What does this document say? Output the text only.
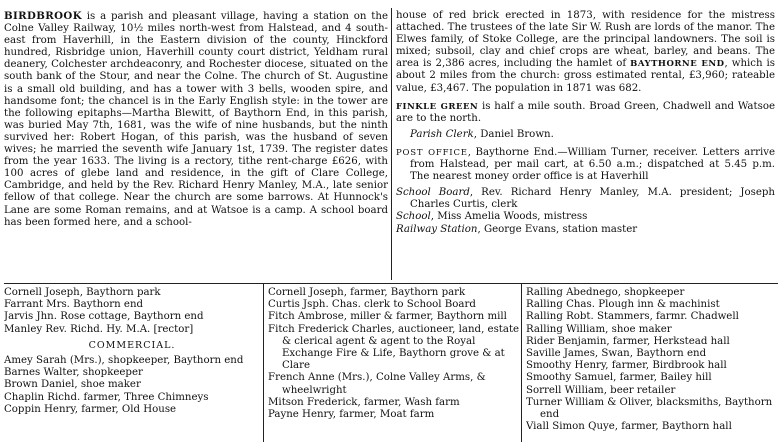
BIRDBROOK is a parish and pleasant village, having a station on the Colne Valley Railway, 10½ miles north-west from Halstead, and 4 south-east from Haverhill, in the Eastern division of the county, Hinckford hundred, Risbridge union, Haverhill county court district, Yeldham rural deanery, Colchester archdeaconry, and Rochester diocese, situated on the south bank of the Stour, and near the Colne. The church of St. Augustine is a small old building, and has a tower with 3 bells, wooden spire, and handsome font; the chancel is in the Early English style: in the tower are the following epitaphs—Martha Blewitt, of Baythorn End, in this parish, was buried May 7th, 1681, was the wife of nine husbands, but the ninth survived her: Robert Hogan, of this parish, was the husband of seven wives; he married the seventh wife January 1st, 1739. The register dates from the year 1633. The living is a rectory, tithe rent-charge £626, with 100 acres of glebe land and residence, in the gift of Clare College, Cambridge, and held by the Rev. Richard Henry Manley, M.A., late senior fellow of that college. Near the church are some barrows. At Hunnock's Lane are some Roman remains, and at Watsoe is a camp. A school board has been formed here, and a school-

house of red brick erected in 1873, with residence for the mistress attached. The trustees of the late Sir W. Rush are lords of the manor. The Elwes family, of Stoke College, are the principal landowners. The soil is mixed; subsoil, clay and chief crops are wheat, barley, and beans. The area is 2,386 acres, including the hamlet of BAYTHORNE END, which is about 2 miles from the church: gross estimated rental, £3,960; rateable value, £3,467. The population in 1871 was 682.

FINKLE GREEN is half a mile south. Broad Green, Chadwell and Watsoe are to the north.

Parish Clerk, Daniel Brown.

POST OFFICE, Baythorne End.—William Turner, receiver. Letters arrive from Halstead, per mail cart, at 6.50 a.m.; dispatched at 5.45 p.m. The nearest money order office is at Haverhill

School Board, Rev. Richard Henry Manley, M.A. president; Joseph Charles Curtis, clerk

School, Miss Amelia Woods, mistress

Railway Station, George Evans, station master

Cornell Joseph, Baythorn park

Farrant Mrs. Baythorn end

Jarvis Jhn. Rose cottage, Baythorn end

Manley Rev. Richd. Hy. M.A. [rector]

COMMERCIAL.

Amey Sarah (Mrs.), shopkeeper, Baythorn end

Barnes Walter, shopkeeper

Brown Daniel, shoe maker

Chaplin Richd. farmer, Three Chimneys

Coppin Henry, farmer, Old House

Cornell Joseph, farmer, Baythorn park

Curtis Jsph. Chas. clerk to School Board

Fitch Ambrose, miller & farmer, Baythorn mill

Fitch Frederick Charles, auctioneer, land, estate & clerical agent & agent to the Royal Exchange Fire & Life, Baythorn grove & at Clare

French Anne (Mrs.), Colne Valley Arms, & wheelwright

Mitson Frederick, farmer, Wash farm

Payne Henry, farmer, Moat farm

Ralling Abednego, shopkeeper

Ralling Chas. Plough inn & machinist

Ralling Robt. Stammers, farmr. Chadwell

Ralling William, shoe maker

Rider Benjamin, farmer, Herkstead hall

Saville James, Swan, Baythorn end

Smoothy Henry, farmer, Birdbrook hall

Smoothy Samuel, farmer, Bailey hill

Sorrell William, beer retailer

Turner William & Oliver, blacksmiths, Baythorn end

Viall Simon Quye, farmer, Baythorn hall
